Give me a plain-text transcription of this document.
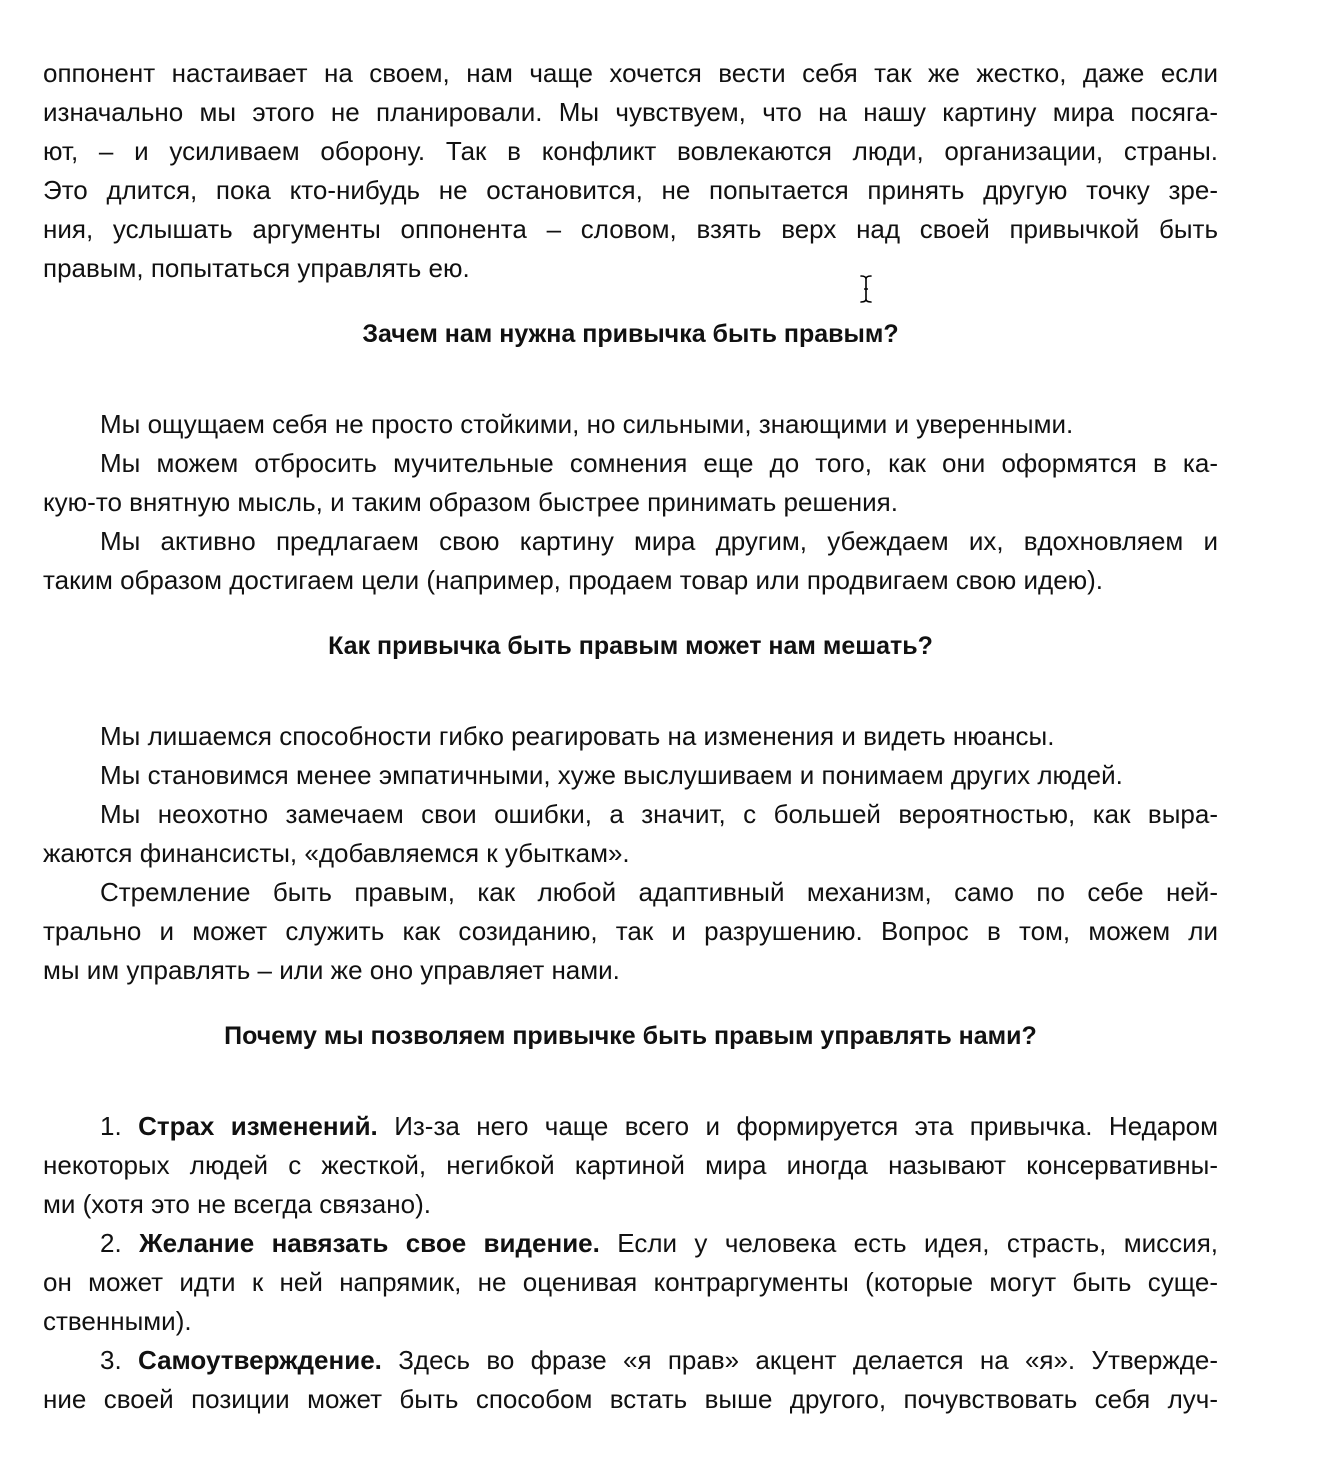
оппонент настаивает на своем, нам чаще хочется вести себя так же жестко, даже если
изначально мы этого не планировали. Мы чувствуем, что на нашу картину мира посяга-
ют, – и усиливаем оборону. Так в конфликт вовлекаются люди, организации, страны.
Это длится, пока кто-нибудь не остановится, не попытается принять другую точку зре-
ния, услышать аргументы оппонента – словом, взять верх над своей привычкой быть
правым, попытаться управлять ею.
Зачем нам нужна привычка быть правым?
Мы ощущаем себя не просто стойкими, но сильными, знающими и уверенными.
Мы можем отбросить мучительные сомнения еще до того, как они оформятся в ка-
кую-то внятную мысль, и таким образом быстрее принимать решения.
Мы активно предлагаем свою картину мира другим, убеждаем их, вдохновляем и
таким образом достигаем цели (например, продаем товар или продвигаем свою идею).
Как привычка быть правым может нам мешать?
Мы лишаемся способности гибко реагировать на изменения и видеть нюансы.
Мы становимся менее эмпатичными, хуже выслушиваем и понимаем других людей.
Мы неохотно замечаем свои ошибки, а значит, с большей вероятностью, как выра-
жаются финансисты, «добавляемся к убыткам».
Стремление быть правым, как любой адаптивный механизм, само по себе ней-
трально и может служить как созиданию, так и разрушению. Вопрос в том, можем ли
мы им управлять – или же оно управляет нами.
Почему мы позволяем привычке быть правым управлять нами?
1. Страх изменений. Из-за него чаще всего и формируется эта привычка. Недаром
некоторых людей с жесткой, негибкой картиной мира иногда называют консервативны-
ми (хотя это не всегда связано).
2. Желание навязать свое видение. Если у человека есть идея, страсть, миссия,
он может идти к ней напрямик, не оценивая контраргументы (которые могут быть суще-
ственными).
3. Самоутверждение. Здесь во фразе «я прав» акцент делается на «я». Утвержде-
ние своей позиции может быть способом встать выше другого, почувствовать себя луч-
